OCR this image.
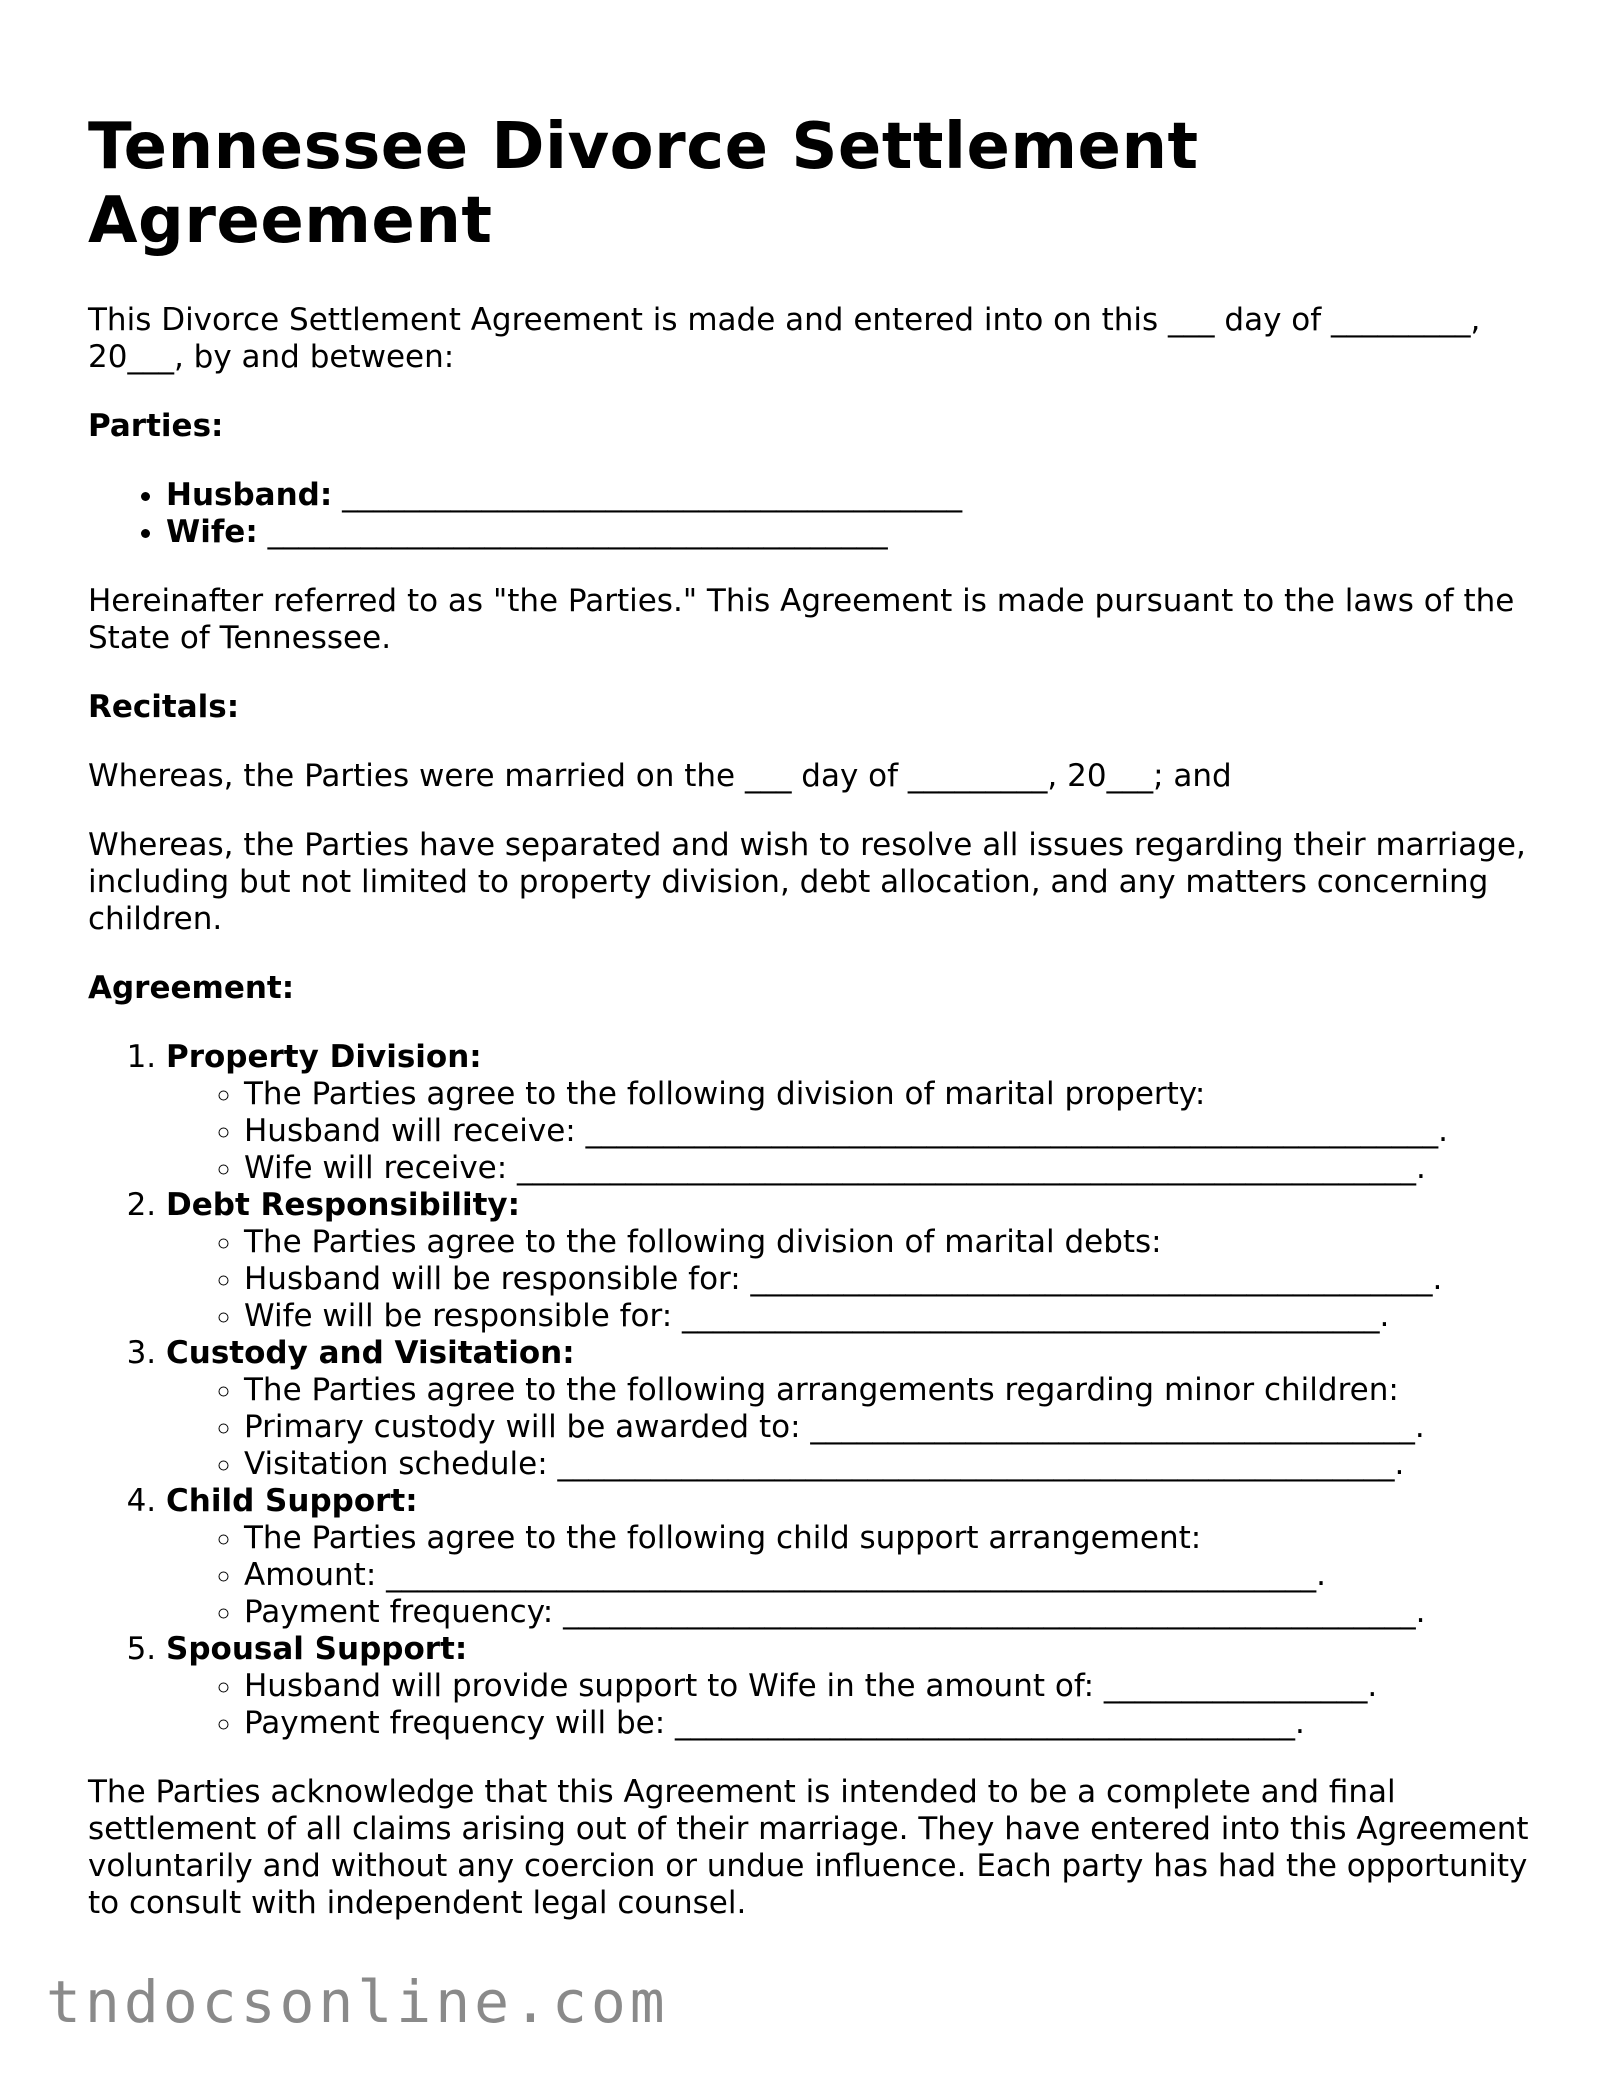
Tennessee Divorce Settlement Agreement

This Divorce Settlement Agreement is made and entered into on this ___ day of _________, 20___, by and between:

Parties:
• Husband: ________________________________________
• Wife: ________________________________________

Hereinafter referred to as "the Parties." This Agreement is made pursuant to the laws of the State of Tennessee.

Recitals:

Whereas, the Parties were married on the ___ day of _________, 20___; and

Whereas, the Parties have separated and wish to resolve all issues regarding their marriage, including but not limited to property division, debt allocation, and any matters concerning children.

Agreement:
1. Property Division:
◦ The Parties agree to the following division of marital property:
◦ Husband will receive: _______________________________________________________.
◦ Wife will receive: __________________________________________________________.
2. Debt Responsibility:
◦ The Parties agree to the following division of marital debts:
◦ Husband will be responsible for: ____________________________________________.
◦ Wife will be responsible for: _____________________________________________.
3. Custody and Visitation:
◦ The Parties agree to the following arrangements regarding minor children:
◦ Primary custody will be awarded to: _______________________________________.
◦ Visitation schedule: ______________________________________________________.
4. Child Support:
◦ The Parties agree to the following child support arrangement:
◦ Amount: ____________________________________________________________.
◦ Payment frequency: _______________________________________________________.
5. Spousal Support:
◦ Husband will provide support to Wife in the amount of: _________________.
◦ Payment frequency will be: ________________________________________.

The Parties acknowledge that this Agreement is intended to be a complete and final settlement of all claims arising out of their marriage. They have entered into this Agreement voluntarily and without any coercion or undue influence. Each party has had the opportunity to consult with independent legal counsel.

tndocsonline.com
